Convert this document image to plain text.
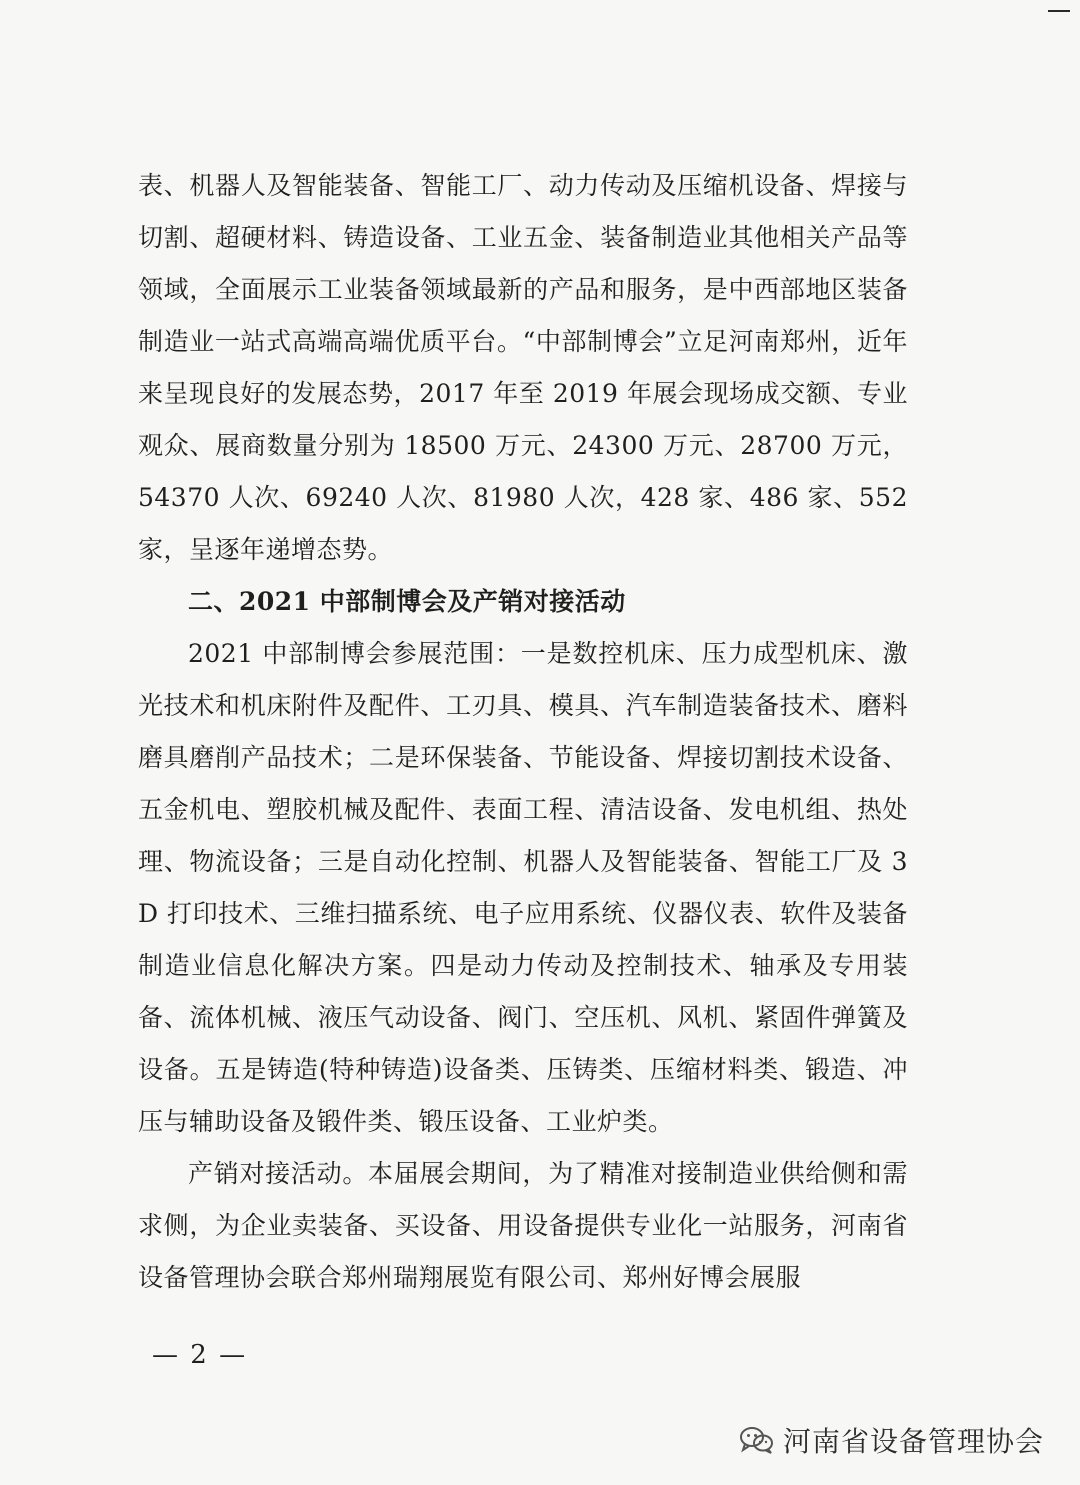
表、机器人及智能装备、智能工厂、动力传动及压缩机设备、焊接与切割、超硬材料、铸造设备、工业五金、装备制造业其他相关产品等领域，全面展示工业装备领域最新的产品和服务，是中西部地区装备制造业一站式高端高端优质平台。“中部制博会”立足河南郑州，近年来呈现良好的发展态势，2017 年至 2019 年展会现场成交额、专业观众、展商数量分别为 18500 万元、24300 万元、28700 万元，54370 人次、69240 人次、81980 人次，428 家、486 家、552 家，呈逐年递增态势。

二、2021 中部制博会及产销对接活动

2021 中部制博会参展范围：一是数控机床、压力成型机床、激光技术和机床附件及配件、工刃具、模具、汽车制造装备技术、磨料磨具磨削产品技术；二是环保装备、节能设备、焊接切割技术设备、五金机电、塑胶机械及配件、表面工程、清洁设备、发电机组、热处理、物流设备；三是自动化控制、机器人及智能装备、智能工厂及 3D 打印技术、三维扫描系统、电子应用系统、仪器仪表、软件及装备制造业信息化解决方案。四是动力传动及控制技术、轴承及专用装备、流体机械、液压气动设备、阀门、空压机、风机、紧固件弹簧及设备。五是铸造(特种铸造)设备类、压铸类、压缩材料类、锻造、冲压与辅助设备及锻件类、锻压设备、工业炉类。

产销对接活动。本届展会期间，为了精准对接制造业供给侧和需求侧，为企业卖装备、买设备、用设备提供专业化一站服务，河南省设备管理协会联合郑州瑞翔展览有限公司、郑州好博会展服

— 2 —
河南省设备管理协会
